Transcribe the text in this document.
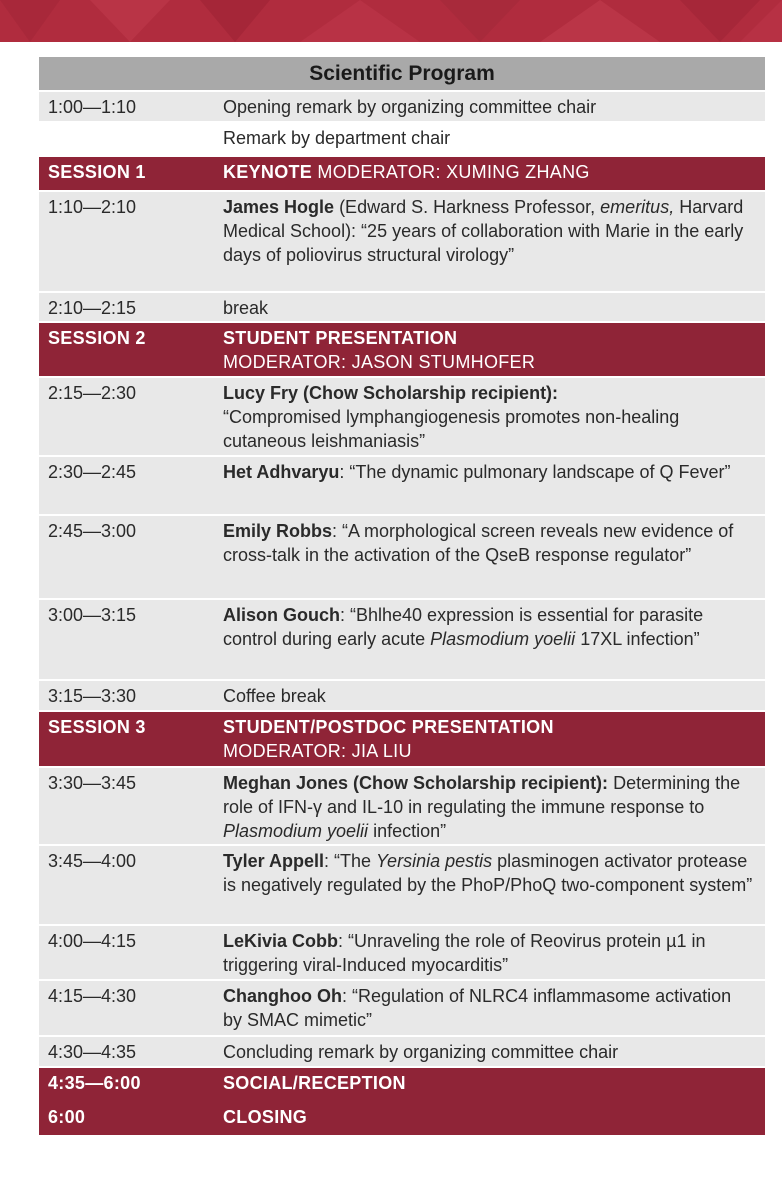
Scientific Program
1:00—1:10	Opening remark by organizing committee chair
Remark by department chair
SESSION 1	KEYNOTE MODERATOR: XUMING ZHANG
1:10—2:10	James Hogle (Edward S. Harkness Professor, emeritus, Harvard Medical School): “25 years of collaboration with Marie in the early days of poliovirus structural virology”
2:10—2:15	break
SESSION 2	STUDENT PRESENTATION
MODERATOR: JASON STUMHOFER
2:15—2:30	Lucy Fry (Chow Scholarship recipient):
“Compromised lymphangiogenesis promotes non-healing cutaneous leishmaniasis”
2:30—2:45	Het Adhvaryu: “The dynamic pulmonary landscape of Q Fever”
2:45—3:00	Emily Robbs: “A morphological screen reveals new evidence of cross-talk in the activation of the QseB response regulator”
3:00—3:15	Alison Gouch: “Bhlhe40 expression is essential for parasite control during early acute Plasmodium yoelii 17XL infection”
3:15—3:30	Coffee break
SESSION 3	STUDENT/POSTDOC PRESENTATION
MODERATOR: JIA LIU
3:30—3:45	Meghan Jones (Chow Scholarship recipient): Determining the role of IFN-γ and IL-10 in regulating the immune response to Plasmodium yoelii infection”
3:45—4:00	Tyler Appell: “The Yersinia pestis plasminogen activator protease is negatively regulated by the PhoP/PhoQ two-component system”
4:00—4:15	LeKivia Cobb: “Unraveling the role of Reovirus protein µ1 in triggering viral-Induced myocarditis”
4:15—4:30	Changhoo Oh: “Regulation of NLRC4 inflammasome activation by SMAC mimetic”
4:30—4:35	Concluding remark by organizing committee chair
4:35—6:00	SOCIAL/RECEPTION
6:00	CLOSING
